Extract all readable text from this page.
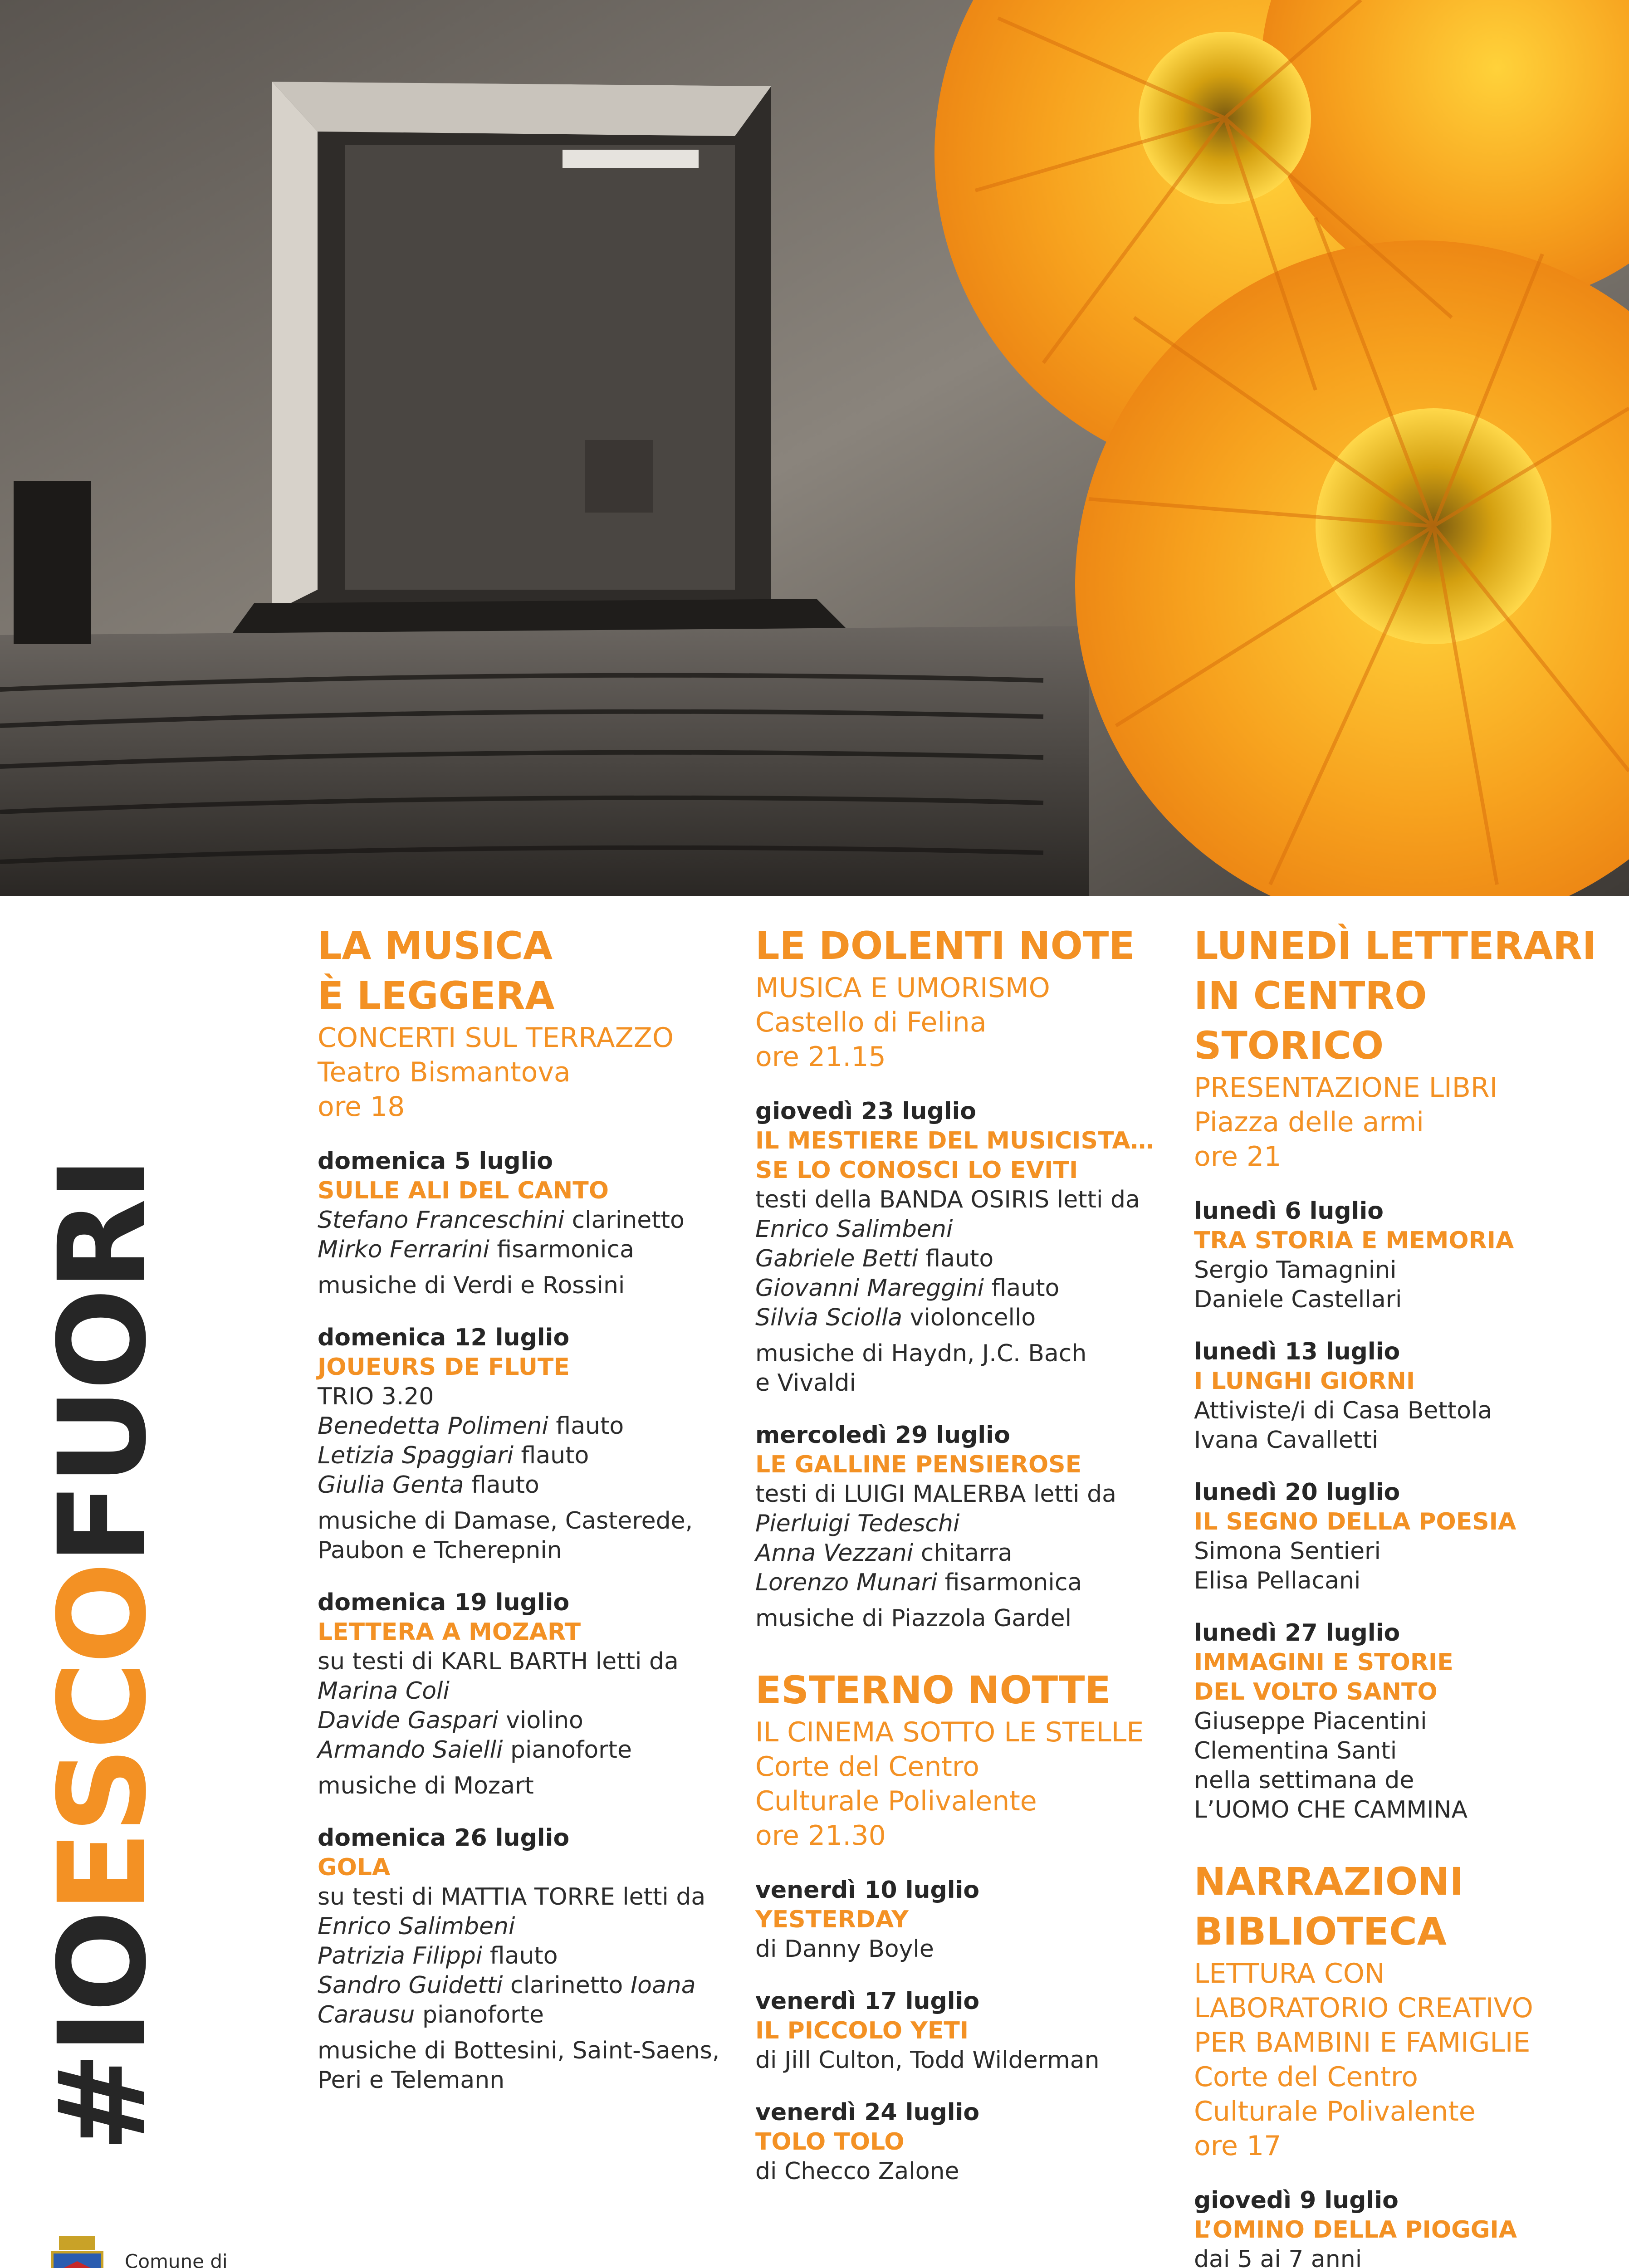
#IOESCOFUORI

LA MUSICA
È LEGGERA

CONCERTI SUL TERRAZZO

Teatro Bismantova

ore 18

domenica 5 luglio
SULLE ALI DEL CANTO
Stefano Franceschini clarinetto
Mirko Ferrarini fisarmonica
musiche di Verdi e Rossini
domenica 12 luglio
JOUEURS DE FLUTE
TRIO 3.20
Benedetta Polimeni flauto
Letizia Spaggiari flauto
Giulia Genta flauto
musiche di Damase, Casterede,
Paubon e Tcherepnin
domenica 19 luglio
LETTERA A MOZART
su testi di KARL BARTH letti da
Marina Coli
Davide Gaspari violino
Armando Saielli pianoforte
musiche di Mozart
domenica 26 luglio
GOLA
su testi di MATTIA TORRE letti da
Enrico Salimbeni
Patrizia Filippi flauto
Sandro Guidetti clarinetto Ioana
Carausu pianoforte
musiche di Bottesini, Saint-Saens,
Peri e Telemann

LE DOLENTI NOTE

MUSICA E UMORISMO

Castello di Felina

ore 21.15

giovedì 23 luglio
IL MESTIERE DEL MUSICISTA…
SE LO CONOSCI LO EVITI
testi della BANDA OSIRIS letti da
Enrico Salimbeni
Gabriele Betti flauto
Giovanni Mareggini flauto
Silvia Sciolla violoncello
musiche di Haydn, J.C. Bach
e Vivaldi
mercoledì 29 luglio
LE GALLINE PENSIEROSE
testi di LUIGI MALERBA letti da
Pierluigi Tedeschi
Anna Vezzani chitarra
Lorenzo Munari fisarmonica
musiche di Piazzola Gardel

ESTERNO NOTTE

IL CINEMA SOTTO LE STELLE

Corte del Centro

Culturale Polivalente

ore 21.30

venerdì 10 luglio
YESTERDAY
di Danny Boyle
venerdì 17 luglio
IL PICCOLO YETI
di Jill Culton, Todd Wilderman
venerdì 24 luglio
TOLO TOLO
di Checco Zalone

LUNEDÌ LETTERARI
IN CENTRO
STORICO

PRESENTAZIONE LIBRI

Piazza delle armi

ore 21

lunedì 6 luglio
TRA STORIA E MEMORIA
Sergio Tamagnini
Daniele Castellari
lunedì 13 luglio
I LUNGHI GIORNI
Attiviste/i di Casa Bettola
Ivana Cavalletti
lunedì 20 luglio
IL SEGNO DELLA POESIA
Simona Sentieri
Elisa Pellacani
lunedì 27 luglio
IMMAGINI E STORIE
DEL VOLTO SANTO
Giuseppe Piacentini
Clementina Santi
nella settimana de
L’UOMO CHE CAMMINA

NARRAZIONI
BIBLIOTECA

LETTURA CON

LABORATORIO CREATIVO

PER BAMBINI E FAMIGLIE

Corte del Centro

Culturale Polivalente

ore 17

giovedì 9 luglio
L’OMINO DELLA PIOGGIA
dai 5 ai 7 anni
Comune di
